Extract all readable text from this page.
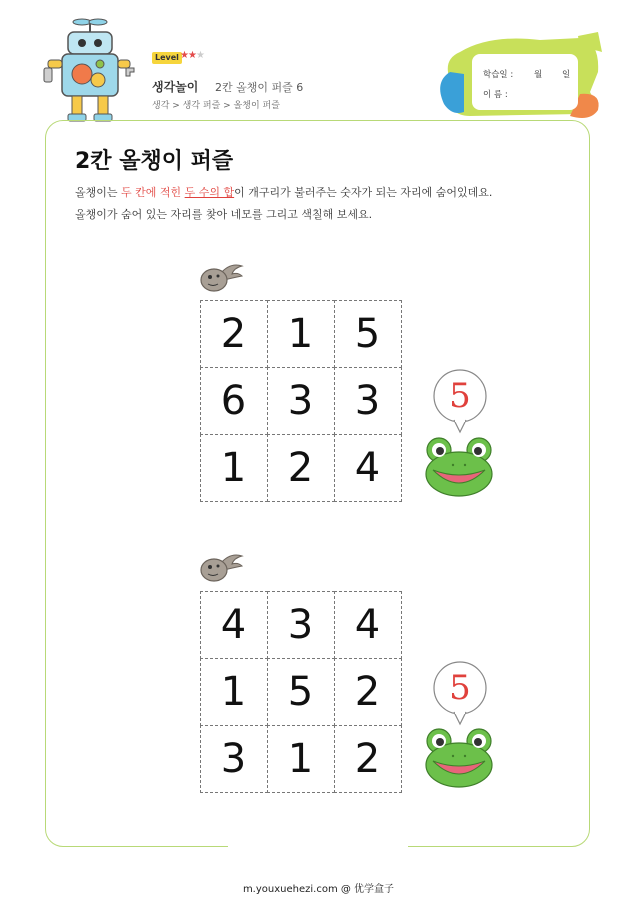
Level ★★★
생각놀이 2칸 올챙이 퍼즐 6
생각 > 생각 퍼즐 > 올챙이 퍼즐
학습일 : 월 일
이 름 :
2칸 올챙이 퍼즐
올챙이는 두 칸에 적힌 두 수의 합이 개구리가 불러주는 숫자가 되는 자리에 숨어있데요.
올챙이가 숨어 있는 자리를 찾아 네모를 그리고 색칠해 보세요.
2	1	5
6	3	3
1	2	4
5
4	3	4
1	5	2
3	1	2
5
m.youxuehezi.com @ 优学盒子
